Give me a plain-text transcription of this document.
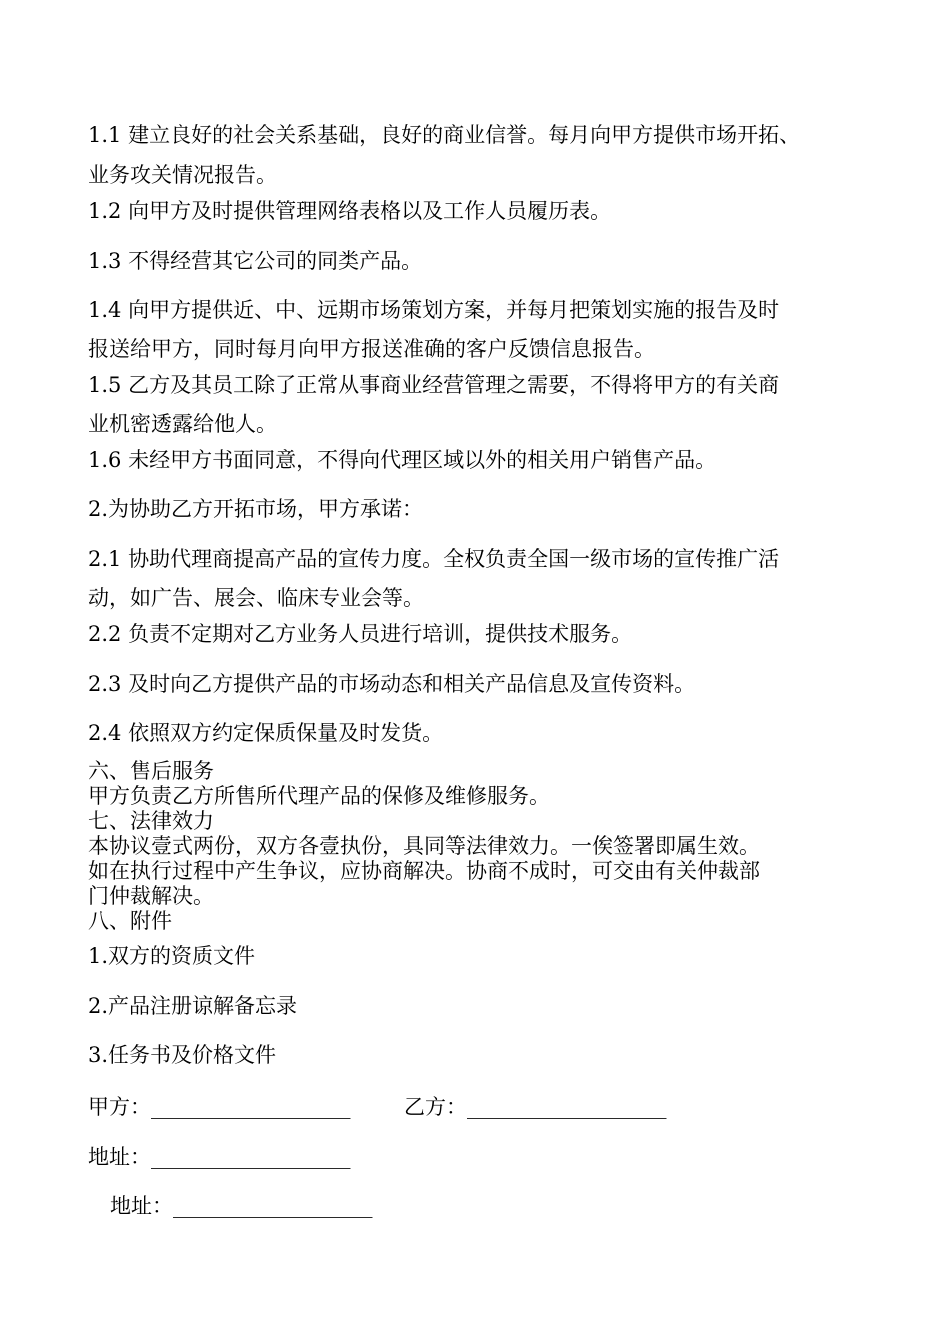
1.1 建立良好的社会关系基础，良好的商业信誉。每月向甲方提供市场开拓、
业务攻关情况报告。
1.2 向甲方及时提供管理网络表格以及工作人员履历表。
1.3 不得经营其它公司的同类产品。
1.4 向甲方提供近、中、远期市场策划方案，并每月把策划实施的报告及时
报送给甲方，同时每月向甲方报送准确的客户反馈信息报告。
1.5 乙方及其员工除了正常从事商业经营管理之需要，不得将甲方的有关商
业机密透露给他人。
1.6 未经甲方书面同意，不得向代理区域以外的相关用户销售产品。
2.为协助乙方开拓市场，甲方承诺：
2.1 协助代理商提高产品的宣传力度。全权负责全国一级市场的宣传推广活
动，如广告、展会、临床专业会等。
2.2 负责不定期对乙方业务人员进行培训，提供技术服务。
2.3 及时向乙方提供产品的市场动态和相关产品信息及宣传资料。
2.4 依照双方约定保质保量及时发货。
六、售后服务
甲方负责乙方所售所代理产品的保修及维修服务。
七、法律效力
本协议壹式两份，双方各壹执份，具同等法律效力。一俟签署即属生效。
如在执行过程中产生争议，应协商解决。协商不成时，可交由有关仲裁部
门仲裁解决。
八、附件
1.双方的资质文件
2.产品注册谅解备忘录
3.任务书及价格文件
甲方：___________________	乙方：___________________
地址：___________________
地址：___________________
